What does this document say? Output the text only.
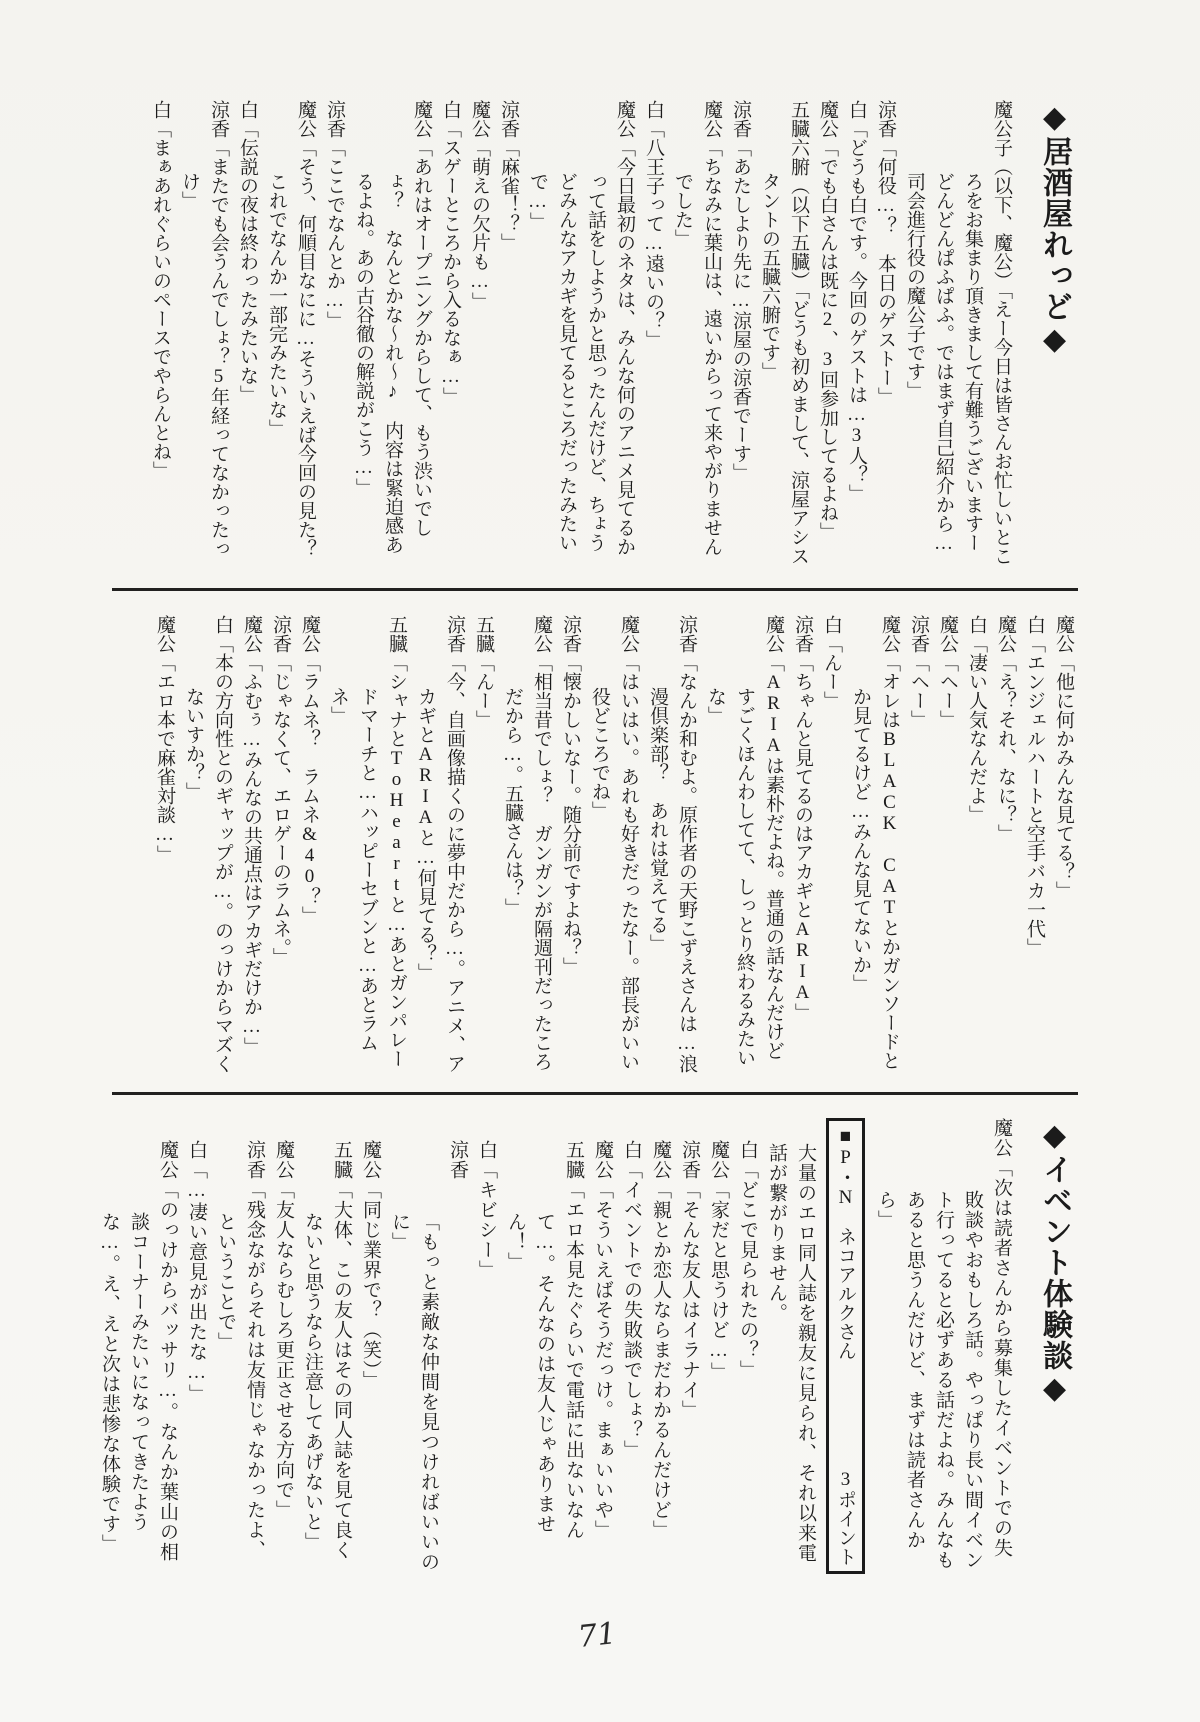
◆居酒屋れっど◆
魔公子（以下、魔公）「えー今日は皆さんお忙しいところをお集まり頂きまして有難うございますーどんどんぱふぱふ。ではまず自己紹介から…司会進行役の魔公子です」
涼香「何役…？　本日のゲストー」
白「どうも白です。今回のゲストは…3人？」
魔公「でも白さんは既に2、3回参加してるよね」
五臓六腑（以下五臓）「どうも初めまして、涼屋アシスタントの五臓六腑です」
涼香「あたしより先に…涼屋の涼香でーす」
魔公「ちなみに葉山は、遠いからって来やがりませんでした」
白「八王子って…遠いの？」
魔公「今日最初のネタは、みんな何のアニメ見てるかって話をしようかと思ったんだけど、ちょうどみんなアカギを見てるところだったみたいで…」
涼香「麻雀！？」
魔公「萌えの欠片も…」
白「スゲーところから入るなぁ…」
魔公「あれはオープニングからして、もう渋いでしょ？　なんとかな～れ～♪　内容は緊迫感あるよね。あの古谷徹の解説がこう…」
涼香「ここでなんとか…」
魔公「そう、何順目なにに…そういえば今回の見た？これでなんか一部完みたいな」
白「伝説の夜は終わったみたいな」
涼香「またでも会うんでしょ？5年経ってなかったっけ」
白「まぁあれぐらいのペースでやらんとね」
魔公「他に何かみんな見てる？」
白「エンジェルハートと空手バカ一代」
魔公「え？それ、なに？」
白「凄い人気なんだよ」
魔公「ヘー」
涼香「ヘー」
魔公「オレはBLACK CATとかガンソードとか見てるけど…みんな見てないか」
白「んー」
涼香「ちゃんと見てるのはアカギとARIA」
魔公「ARIAは素朴だよね。普通の話なんだけどすごくほんわしてて、しっとり終わるみたいな」
涼香「なんか和むよ。原作者の天野こずえさんは…浪漫倶楽部？　あれは覚えてる」
魔公「はいはい。あれも好きだったなー。部長がいい役どころでね」
涼香「懐かしいなー。随分前ですよね？」
魔公「相当昔でしょ？　ガンガンが隔週刊だったころだから…。五臓さんは？」
五臓「んー」
涼香「今、自画像描くのに夢中だから…。アニメ、アカギとARIAと…何見てる？」
五臓「シャナとToHeartと…あとガンパレードマーチと…ハッピーセブンと…あとラムネ」
魔公「ラムネ？　ラムネ&40？」
涼香「じゃなくて、エロゲーのラムネ。」
魔公「ふむぅ…みんなの共通点はアカギだけか…」
白「本の方向性とのギャップが…。のっけからマズくないすか？」
魔公「エロ本で麻雀対談…」
◆イベント体験談◆
魔公「次は読者さんから募集したイベントでの失敗談やおもしろ話。やっぱり長い間イベント行ってると必ずある話だよね。みんなもあると思うんだけど、まずは読者さんから」
■P・N　ネコアルクさん
3ポイント
大量のエロ同人誌を親友に見られ、それ以来電話が繋がりません。
白「どこで見られたの？」
魔公「家だと思うけど…」
涼香「そんな友人はイラナイ」
魔公「親とか恋人ならまだわかるんだけど」
白「イベントでの失敗談でしょ？」
魔公「そういえばそうだっけ。まぁいいや」
五臓「エロ本見たぐらいで電話に出ないなんて…。そんなのは友人じゃありません！」
白「キビシー」
涼香「もっと素敵な仲間を見つければいいのに」
魔公「同じ業界で？（笑）」
五臓「大体、この友人はその同人誌を見て良くないと思うなら注意してあげないと」
魔公「友人ならむしろ更正させる方向で」
涼香「残念ながらそれは友情じゃなかったよ、ということで」
白「…凄い意見が出たな…」
魔公「のっけからバッサリ…。なんか葉山の相談コーナーみたいになってきたような…。え、えと次は悲惨な体験です」
71
